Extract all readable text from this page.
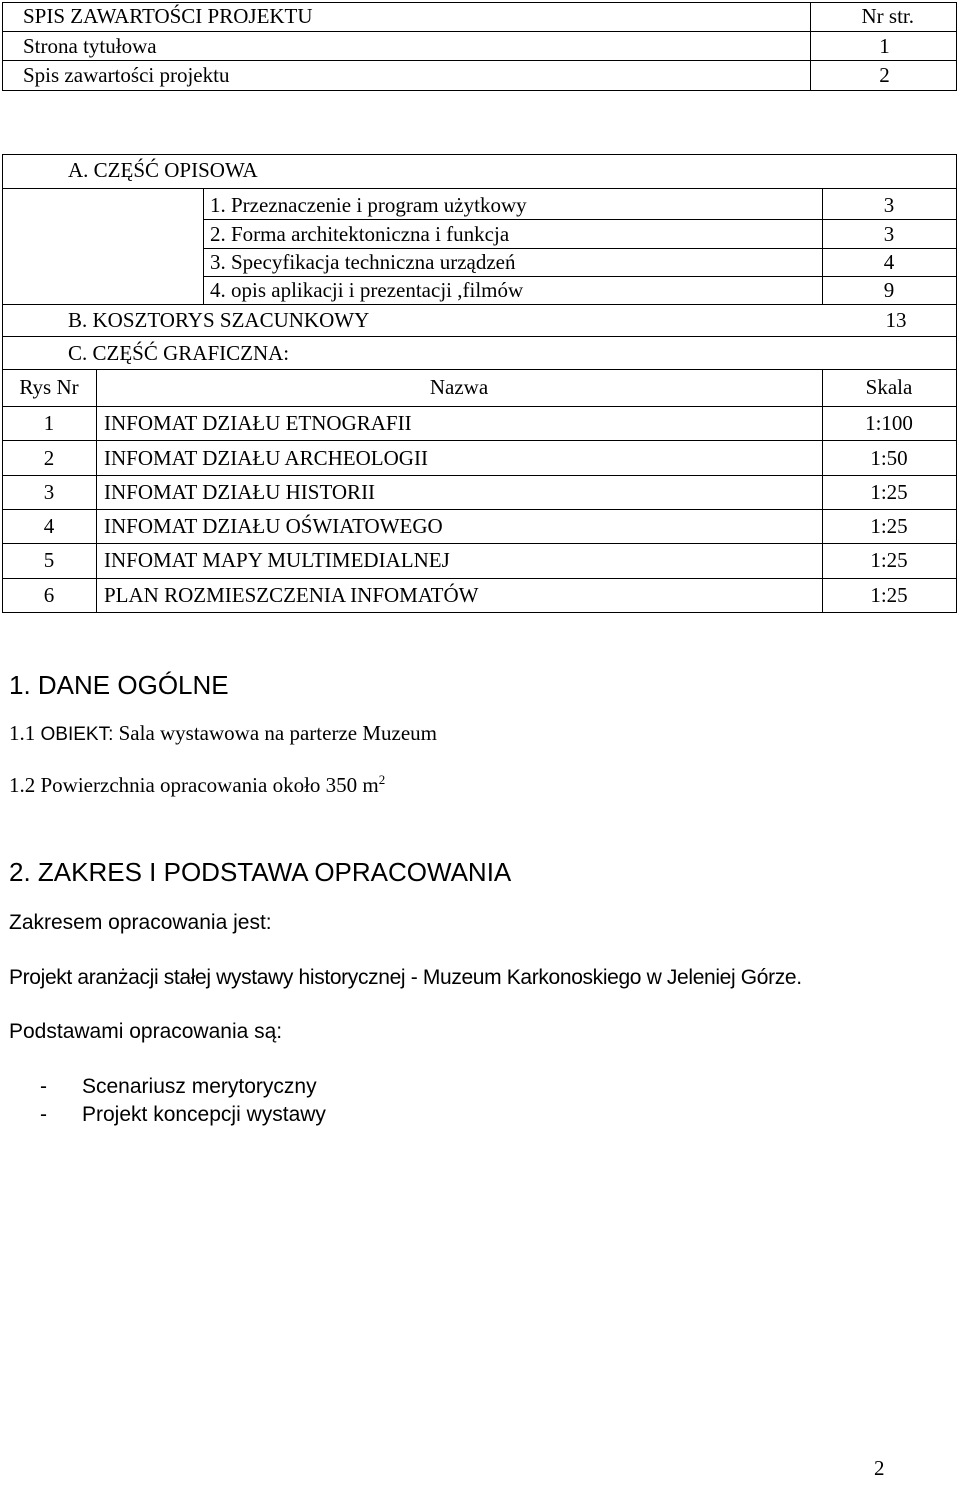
SPIS ZAWARTOŚCI PROJEKTU	Nr str.
Strona tytułowa	1
Spis zawartości projektu	2
A. CZĘŚĆ OPISOWA
1. Przeznaczenie i program użytkowy	3
2. Forma architektoniczna i funkcja	3
3. Specyfikacja techniczna urządzeń	4
4. opis aplikacji i prezentacji ,filmów	9
B. KOSZTORYS SZACUNKOWY	13
C. CZĘŚĆ GRAFICZNA:
Rys Nr	Nazwa	Skala
1	INFOMAT DZIAŁU ETNOGRAFII	1:100
2	INFOMAT DZIAŁU ARCHEOLOGII	1:50
3	INFOMAT DZIAŁU HISTORII	1:25
4	INFOMAT DZIAŁU OŚWIATOWEGO	1:25
5	INFOMAT MAPY MULTIMEDIALNEJ	1:25
6	PLAN ROZMIESZCZENIA INFOMATÓW	1:25
1. DANE OGÓLNE
1.1 OBIEKT: Sala wystawowa na parterze Muzeum
1.2 Powierzchnia opracowania około 350 $m^2$
2. ZAKRES I PODSTAWA OPRACOWANIA
Zakresem opracowania jest:
Projekt aranżacji stałej wystawy historycznej - Muzeum Karkonoskiego w Jeleniej Górze.
Podstawami opracowania są:
- Scenariusz merytoryczny
- Projekt koncepcji wystawy
2
